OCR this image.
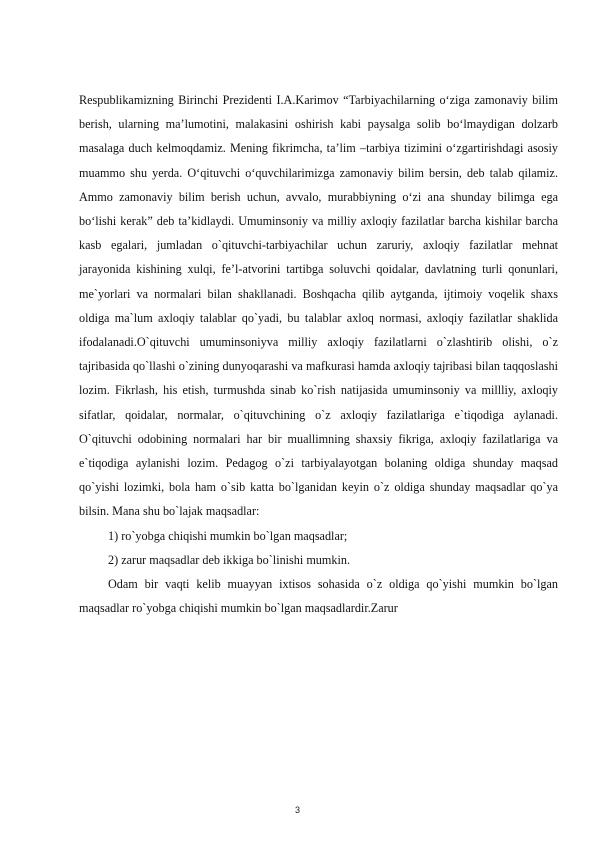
Respublikamizning Birinchi Prezidenti I.A.Karimov “Tarbiyachilarning o‘ziga zamonaviy bilim berish, ularning ma’lumotini, malakasini oshirish kabi paysalga solib bo‘lmaydigan dolzarb masalaga duch kelmoqdamiz. Mening fikrimcha, ta’lim –tarbiya tizimini o‘zgartirishdagi asosiy muammo shu yerda. O‘qituvchi o‘quvchilarimizga zamonaviy bilim bersin, deb talab qilamiz. Ammo zamonaviy bilim berish uchun, avvalo, murabbiyning o‘zi ana shunday bilimga ega bo‘lishi kerak” deb ta’kidlaydi. Umuminsoniy va milliy axloqiy fazilatlar barcha kishilar barcha kasb egalari, jumladan o`qituvchi-tarbiyachilar uchun zaruriy, axloqiy fazilatlar mehnat jarayonida kishining xulqi, fe’l-atvorini tartibga soluvchi qoidalar, davlatning turli qonunlari, me`yorlari va normalari bilan shakllanadi. Boshqacha qilib aytganda, ijtimoiy voqelik shaxs oldiga ma`lum axloqiy talablar qo`yadi, bu talablar axloq normasi, axloqiy fazilatlar shaklida ifodalanadi.O`qituvchi umuminsoniyva milliy axloqiy fazilatlarni o`zlashtirib olishi, o`z tajribasida qo`llashi o`zining dunyoqarashi va mafkurasi hamda axloqiy tajribasi bilan taqqoslashi lozim. Fikrlash, his etish, turmushda sinab ko`rish natijasida umuminsoniy va millliy, axloqiy sifatlar, qoidalar, normalar, o`qituvchining o`z axloqiy fazilatlariga e`tiqodiga aylanadi. O`qituvchi odobining normalari har bir muallimning shaxsiy fikriga, axloqiy fazilatlariga va e`tiqodiga aylanishi lozim. Pedagog o`zi tarbiyalayotgan bolaning oldiga shunday maqsad qo`yishi lozimki, bola ham o`sib katta bo`lganidan keyin o`z oldiga shunday maqsadlar qo`ya bilsin. Mana shu bo`lajak maqsadlar:

1) ro`yobga chiqishi mumkin bo`lgan maqsadlar;

2) zarur maqsadlar deb ikkiga bo`linishi mumkin.

Odam bir vaqti kelib muayyan ixtisos sohasida o`z oldiga qo`yishi mumkin bo`lgan maqsadlar ro`yobga chiqishi mumkin bo`lgan maqsadlardir.Zarur

3
